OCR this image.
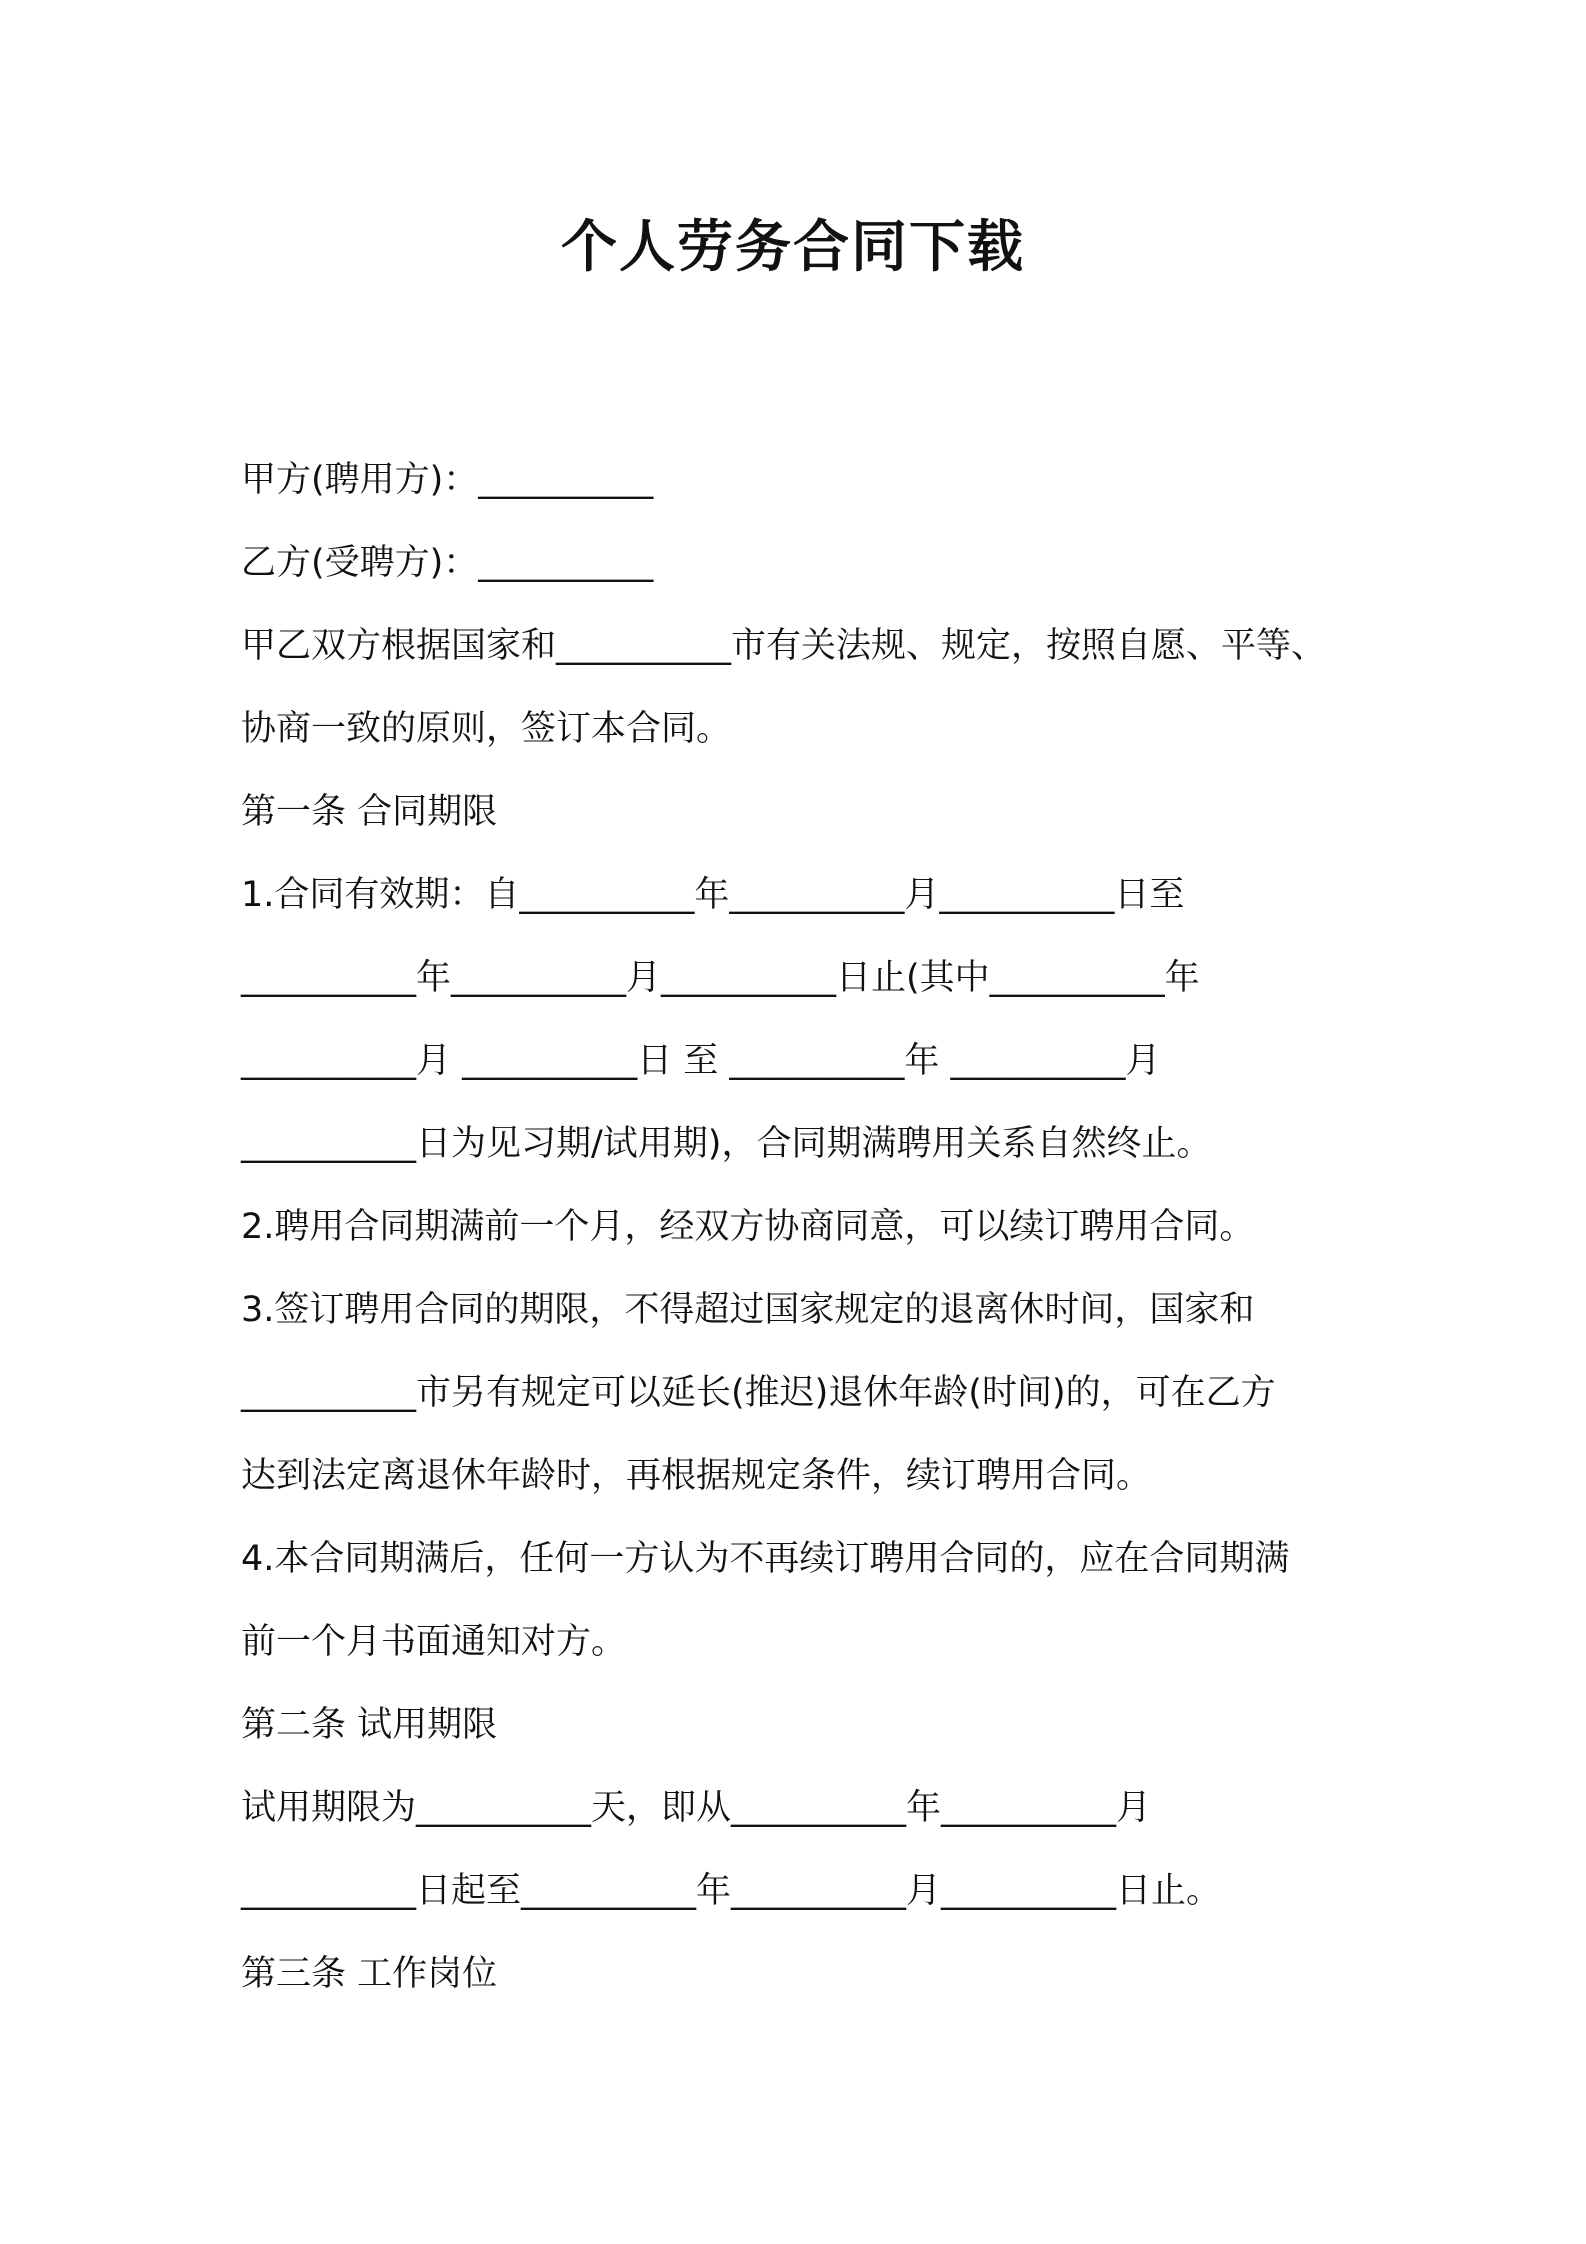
个人劳务合同下载
甲方(聘用方)：__________
乙方(受聘方)：__________
甲乙双方根据国家和__________市有关法规、规定，按照自愿、平等、
协商一致的原则，签订本合同。
第一条 合同期限
1.合同有效期：自__________年__________月__________日至
__________年__________月__________日止(其中__________年
__________月 __________日 至 __________年 __________月
__________日为见习期/试用期)，合同期满聘用关系自然终止。
2.聘用合同期满前一个月，经双方协商同意，可以续订聘用合同。
3.签订聘用合同的期限，不得超过国家规定的退离休时间，国家和
__________市另有规定可以延长(推迟)退休年龄(时间)的，可在乙方
达到法定离退休年龄时，再根据规定条件，续订聘用合同。
4.本合同期满后，任何一方认为不再续订聘用合同的，应在合同期满
前一个月书面通知对方。
第二条 试用期限
试用期限为__________天，即从__________年__________月
__________日起至__________年__________月__________日止。
第三条 工作岗位
